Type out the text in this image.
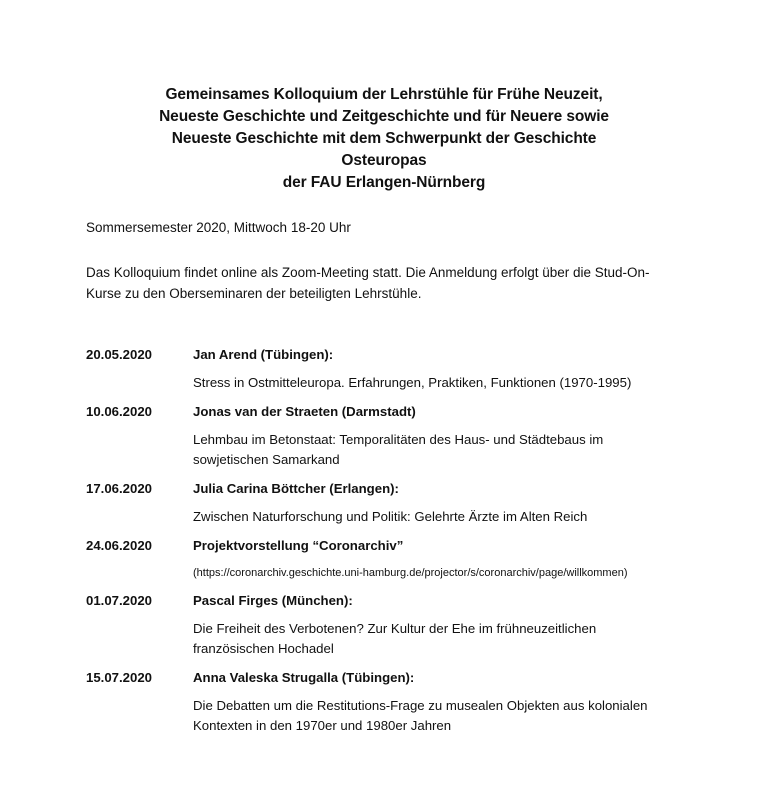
Gemeinsames Kolloquium der Lehrstühle für Frühe Neuzeit,
Neueste Geschichte und Zeitgeschichte und für Neuere sowie
Neueste Geschichte mit dem Schwerpunkt der Geschichte
Osteuropas
der FAU Erlangen-Nürnberg
Sommersemester 2020, Mittwoch 18-20 Uhr
Das Kolloquium findet online als Zoom-Meeting statt. Die Anmeldung erfolgt über die Stud-On-Kurse zu den Oberseminaren der beteiligten Lehrstühle.
20.05.2020	Jan Arend (Tübingen):
Stress in Ostmitteleuropa. Erfahrungen, Praktiken, Funktionen (1970-1995)
10.06.2020	Jonas van der Straeten (Darmstadt)
Lehmbau im Betonstaat: Temporalitäten des Haus- und Städtebaus im sowjetischen Samarkand
17.06.2020	Julia Carina Böttcher (Erlangen):
Zwischen Naturforschung und Politik: Gelehrte Ärzte im Alten Reich
24.06.2020	Projektvorstellung “Coronarchiv”
(https://coronarchiv.geschichte.uni-hamburg.de/projector/s/coronarchiv/page/willkommen)
01.07.2020	Pascal Firges (München):
Die Freiheit des Verbotenen? Zur Kultur der Ehe im frühneuzeitlichen französischen Hochadel
15.07.2020	Anna Valeska Strugalla (Tübingen):
Die Debatten um die Restitutions-Frage zu musealen Objekten aus kolonialen Kontexten in den 1970er und 1980er Jahren
